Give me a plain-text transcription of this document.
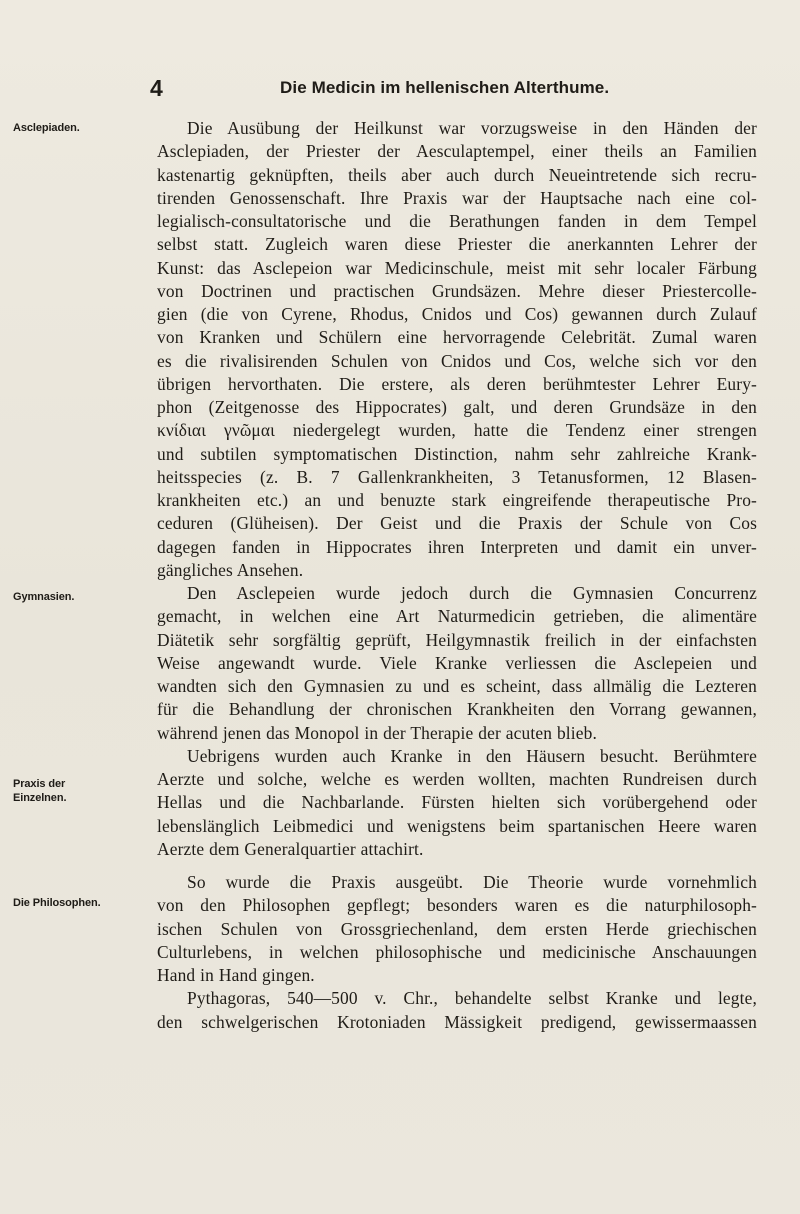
4	Die Medicin im hellenischen Alterthume.
Asclepiaden.
Gymnasien.
Praxis der
Einzelnen.
Die Philosophen.
Die Ausübung der Heilkunst war vorzugsweise in den Händen der
Asclepiaden, der Priester der Aesculaptempel, einer theils an Familien
kastenartig geknüpften, theils aber auch durch Neueintretende sich recru-
tirenden Genossenschaft. Ihre Praxis war der Hauptsache nach eine col-
legialisch-consultatorische und die Berathungen fanden in dem Tempel
selbst statt. Zugleich waren diese Priester die anerkannten Lehrer der
Kunst: das Asclepeion war Medicinschule, meist mit sehr localer Färbung
von Doctrinen und practischen Grundsäzen. Mehre dieser Priestercolle-
gien (die von Cyrene, Rhodus, Cnidos und Cos) gewannen durch Zulauf
von Kranken und Schülern eine hervorragende Celebrität. Zumal waren
es die rivalisirenden Schulen von Cnidos und Cos, welche sich vor den
übrigen hervorthaten. Die erstere, als deren berühmtester Lehrer Eury-
phon (Zeitgenosse des Hippocrates) galt, und deren Grundsäze in den
κνίδιαι γνῶμαι niedergelegt wurden, hatte die Tendenz einer strengen
und subtilen symptomatischen Distinction, nahm sehr zahlreiche Krank-
heitsspecies (z. B. 7 Gallenkrankheiten, 3 Tetanusformen, 12 Blasen-
krankheiten etc.) an und benuzte stark eingreifende therapeutische Pro-
ceduren (Glüheisen). Der Geist und die Praxis der Schule von Cos
dagegen fanden in Hippocrates ihren Interpreten und damit ein unver-
gängliches Ansehen.
Den Asclepeien wurde jedoch durch die Gymnasien Concurrenz
gemacht, in welchen eine Art Naturmedicin getrieben, die alimentäre
Diätetik sehr sorgfältig geprüft, Heilgymnastik freilich in der einfachsten
Weise angewandt wurde. Viele Kranke verliessen die Asclepeien und
wandten sich den Gymnasien zu und es scheint, dass allmälig die Lezteren
für die Behandlung der chronischen Krankheiten den Vorrang gewannen,
während jenen das Monopol in der Therapie der acuten blieb.
Uebrigens wurden auch Kranke in den Häusern besucht. Berühmtere
Aerzte und solche, welche es werden wollten, machten Rundreisen durch
Hellas und die Nachbarlande. Fürsten hielten sich vorübergehend oder
lebenslänglich Leibmedici und wenigstens beim spartanischen Heere waren
Aerzte dem Generalquartier attachirt.
So wurde die Praxis ausgeübt. Die Theorie wurde vornehmlich
von den Philosophen gepflegt; besonders waren es die naturphilosoph-
ischen Schulen von Grossgriechenland, dem ersten Herde griechischen
Culturlebens, in welchen philosophische und medicinische Anschauungen
Hand in Hand gingen.
Pythagoras, 540—500 v. Chr., behandelte selbst Kranke und legte,
den schwelgerischen Krotoniaden Mässigkeit predigend, gewissermaassen
